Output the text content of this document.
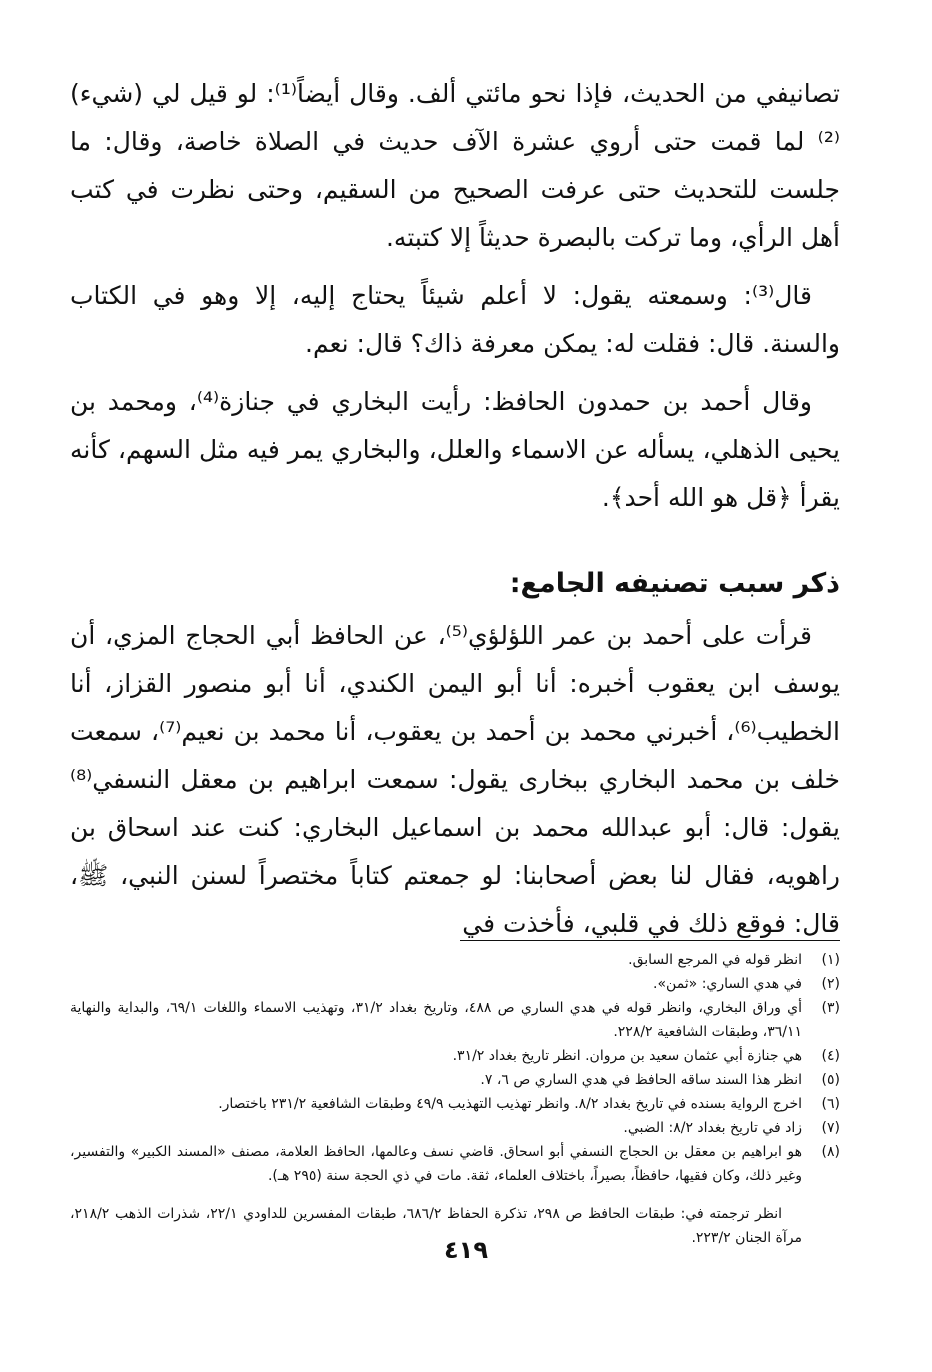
تصانيفي من الحديث، فإذا نحو مائتي ألف. وقال أيضاً⁽¹⁾: لو قيل لي (شيء)⁽²⁾ لما قمت حتى أروي عشرة الآف حديث في الصلاة خاصة، وقال: ما جلست للتحديث حتى عرفت الصحيح من السقيم، وحتى نظرت في كتب أهل الرأي، وما تركت بالبصرة حديثاً إلا كتبته.

قال⁽³⁾: وسمعته يقول: لا أعلم شيئاً يحتاج إليه، إلا وهو في الكتاب والسنة. قال: فقلت له: يمكن معرفة ذاك؟ قال: نعم.

وقال أحمد بن حمدون الحافظ: رأيت البخاري في جنازة⁽⁴⁾، ومحمد بن يحيى الذهلي، يسأله عن الاسماء والعلل، والبخاري يمر فيه مثل السهم، كأنه يقرأ ﴿قل هو الله أحد﴾.

ذكر سبب تصنيفه الجامع:

قرأت على أحمد بن عمر اللؤلؤي⁽⁵⁾، عن الحافظ أبي الحجاج المزي، أن يوسف ابن يعقوب أخبره: أنا أبو اليمن الكندي، أنا أبو منصور القزاز، أنا الخطيب⁽⁶⁾، أخبرني محمد بن أحمد بن يعقوب، أنا محمد بن نعيم⁽⁷⁾، سمعت خلف بن محمد البخاري ببخارى يقول: سمعت ابراهيم بن معقل النسفي⁽⁸⁾ يقول: قال: أبو عبدالله محمد بن اسماعيل البخاري: كنت عند اسحاق بن راهويه، فقال لنا بعض أصحابنا: لو جمعتم كتاباً مختصراً لسنن النبي، ﷺ، قال: فوقع ذلك في قلبي، فأخذت في

(١)
انظر قوله في المرجع السابق.
(٢)
في هدي الساري: «ثمن».
(٣)
أي وراق البخاري، وانظر قوله في هدي الساري ص ٤٨٨، وتاريخ بغداد ٣١/٢، وتهذيب الاسماء واللغات ٦٩/١، والبداية والنهاية ٣٦/١١، وطبقات الشافعية ٢٢٨/٢.
(٤)
هي جنازة أبي عثمان سعيد بن مروان. انظر تاريخ بغداد ٣١/٢.
(٥)
انظر هذا السند ساقه الحافظ في هدي الساري ص ٦، ٧.
(٦)
اخرج الرواية بسنده في تاريخ بغداد ٨/٢. وانظر تهذيب التهذيب ٤٩/٩ وطبقات الشافعية ٢٣١/٢ باختصار.
(٧)
زاد في تاريخ بغداد ٨/٢: الضبي.
(٨)
هو ابراهيم بن معقل بن الحجاج النسفي أبو اسحاق. قاضي نسف وعالمها، الحافظ العلامة، مصنف «المسند الكبير» والتفسير، وغير ذلك، وكان فقيها، حافظاً، بصيراً، باختلاف العلماء، ثقة. مات في ذي الحجة سنة (٢٩٥ هـ).
انظر ترجمته في: طبقات الحافظ ص ٢٩٨، تذكرة الحفاظ ٦٨٦/٢، طبقات المفسرين للداودي ٢٢/١، شذرات الذهب ٢١٨/٢، مرآة الجنان ٢٢٣/٢.
٤١٩
